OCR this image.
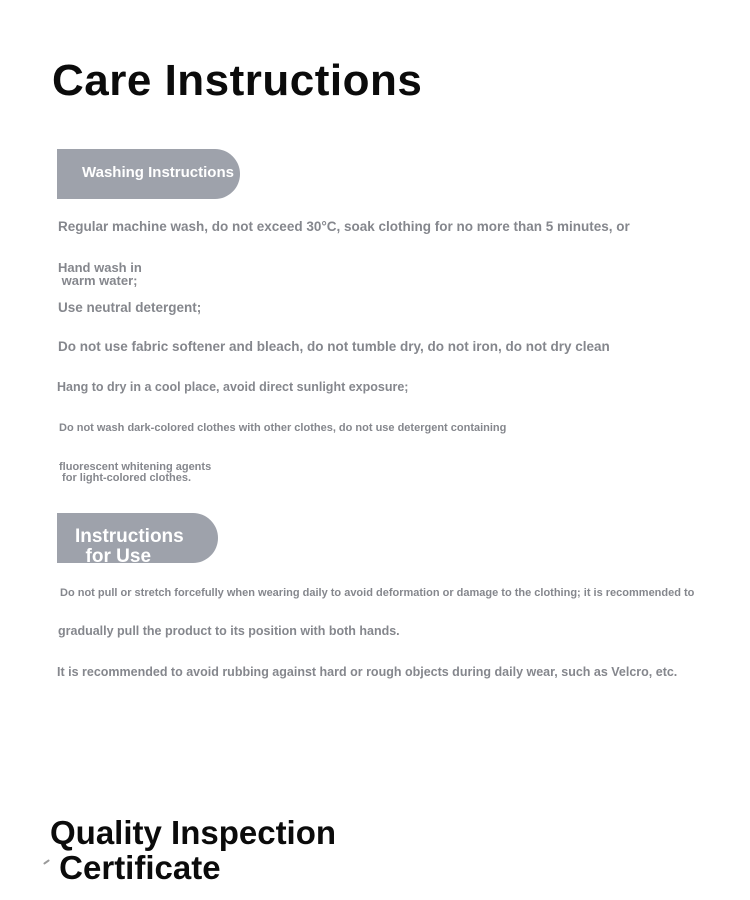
Care Instructions
Washing Instructions

Regular machine wash, do not exceed 30°C, soak clothing for no more than 5 minutes, or

Hand wash in
warm water;

Use neutral detergent;

Do not use fabric softener and bleach, do not tumble dry, do not iron, do not dry clean

Hang to dry in a cool place, avoid direct sunlight exposure;

Do not wash dark-colored clothes with other clothes, do not use detergent containing

fluorescent whitening agents
for light-colored clothes.

Instructions
for Use

Do not pull or stretch forcefully when wearing daily to avoid deformation or damage to the clothing; it is recommended to

gradually pull the product to its position with both hands.

It is recommended to avoid rubbing against hard or rough objects during daily wear, such as Velcro, etc.

Quality Inspection
Certificate
